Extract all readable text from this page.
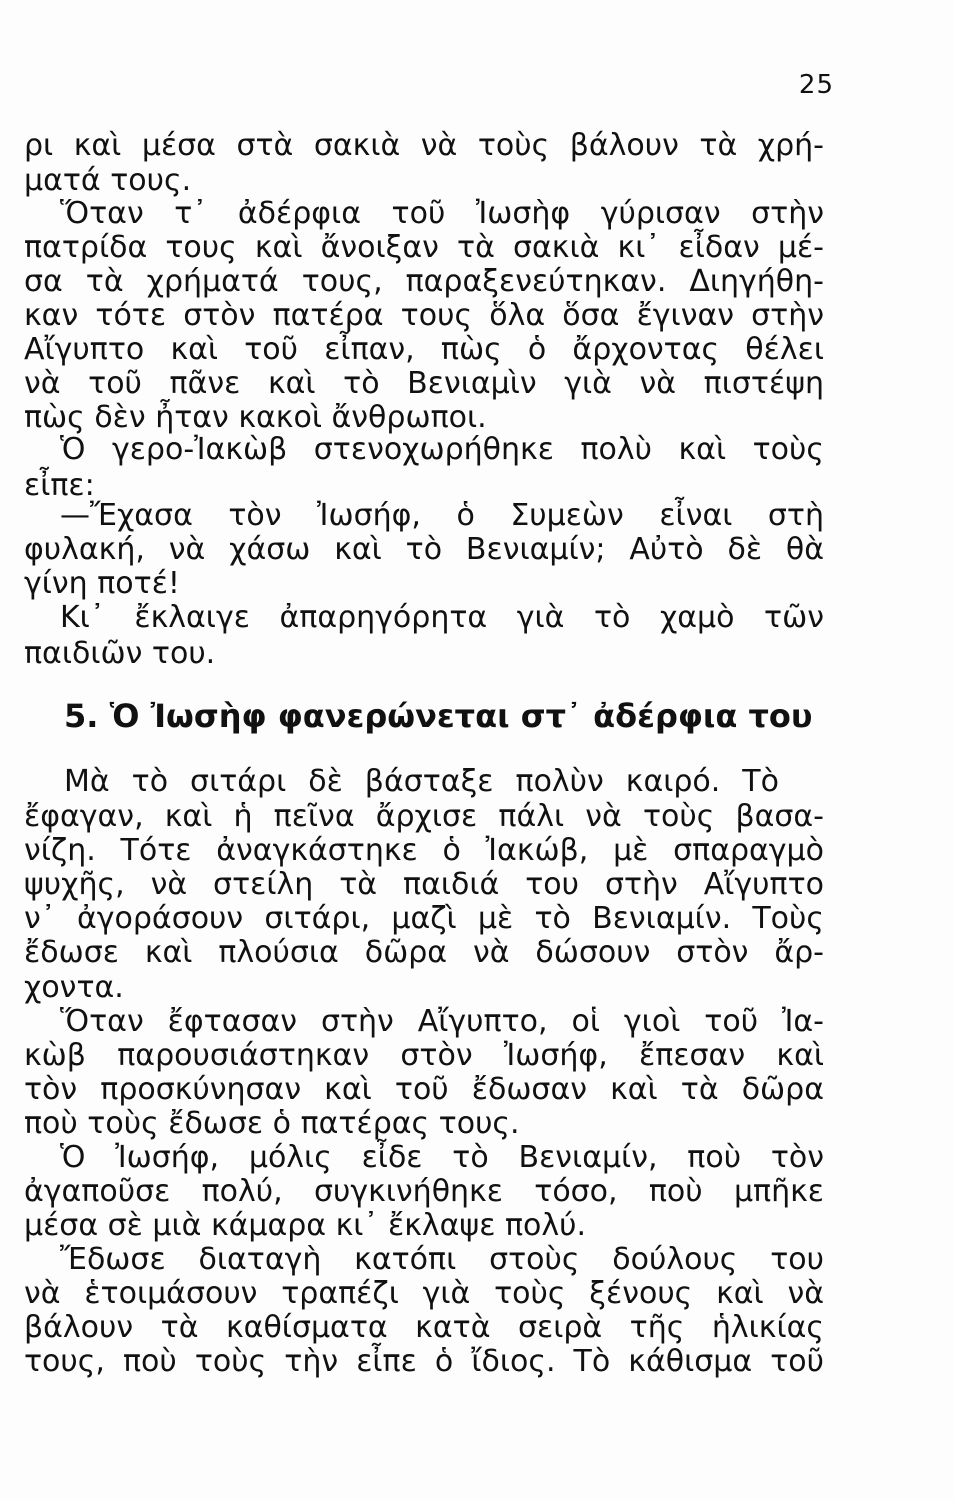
25
ρι καὶ μέσα στὰ σακιὰ νὰ τοὺς βάλουν τὰ χρή-
ματά τους.
Ὅταν τ᾿ ἀδέρφια τοῦ Ἰωσὴφ γύρισαν στὴν
πατρίδα τους καὶ ἄνοιξαν τὰ σακιὰ κι᾿ εἶδαν μέ-
σα τὰ χρήματά τους, παραξενεύτηκαν. Διηγήθη-
καν τότε στὸν πατέρα τους ὅλα ὅσα ἔγιναν στὴν
Αἴγυπτο καὶ τοῦ εἶπαν, πὼς ὁ ἄρχοντας θέλει
νὰ τοῦ πᾶνε καὶ τὸ Βενιαμὶν γιὰ νὰ πιστέψη
πὼς δὲν ἦταν κακοὶ ἄνθρωποι.
Ὁ γερο-Ἰακὼβ στενοχωρήθηκε πολὺ καὶ τοὺς
εἶπε:
—Ἔχασα τὸν Ἰωσήφ, ὁ Συμεὼν εἶναι στὴ
φυλακή, νὰ χάσω καὶ τὸ Βενιαμίν; Αὐτὸ δὲ θὰ
γίνη ποτέ!
Κι᾿ ἔκλαιγε ἀπαρηγόρητα γιὰ τὸ χαμὸ τῶν
παιδιῶν του.
5. Ὁ Ἰωσὴφ φανερώνεται στ᾿ ἀδέρφια του
Μὰ τὸ σιτάρι δὲ βάσταξε πολὺν καιρό. Τὸ
ἔφαγαν, καὶ ἡ πεῖνα ἄρχισε πάλι νὰ τοὺς βασα-
νίζη. Τότε ἀναγκάστηκε ὁ Ἰακώβ, μὲ σπαραγμὸ
ψυχῆς, νὰ στείλη τὰ παιδιά του στὴν Αἴγυπτο
ν᾿ ἀγοράσουν σιτάρι, μαζὶ μὲ τὸ Βενιαμίν. Τοὺς
ἔδωσε καὶ πλούσια δῶρα νὰ δώσουν στὸν ἄρ-
χοντα.
Ὅταν ἔφτασαν στὴν Αἴγυπτο, οἱ γιοὶ τοῦ Ἰα-
κὼβ παρουσιάστηκαν στὸν Ἰωσήφ, ἔπεσαν καὶ
τὸν προσκύνησαν καὶ τοῦ ἔδωσαν καὶ τὰ δῶρα
ποὺ τοὺς ἔδωσε ὁ πατέρας τους.
Ὁ Ἰωσήφ, μόλις εἶδε τὸ Βενιαμίν, ποὺ τὸν
ἀγαποῦσε πολύ, συγκινήθηκε τόσο, ποὺ μπῆκε
μέσα σὲ μιὰ κάμαρα κι᾿ ἔκλαψε πολύ.
Ἔδωσε διαταγὴ κατόπι στοὺς δούλους του
νὰ ἑτοιμάσουν τραπέζι γιὰ τοὺς ξένους καὶ νὰ
βάλουν τὰ καθίσματα κατὰ σειρὰ τῆς ἡλικίας
τους, ποὺ τοὺς τὴν εἶπε ὁ ἴδιος. Τὸ κάθισμα τοῦ
